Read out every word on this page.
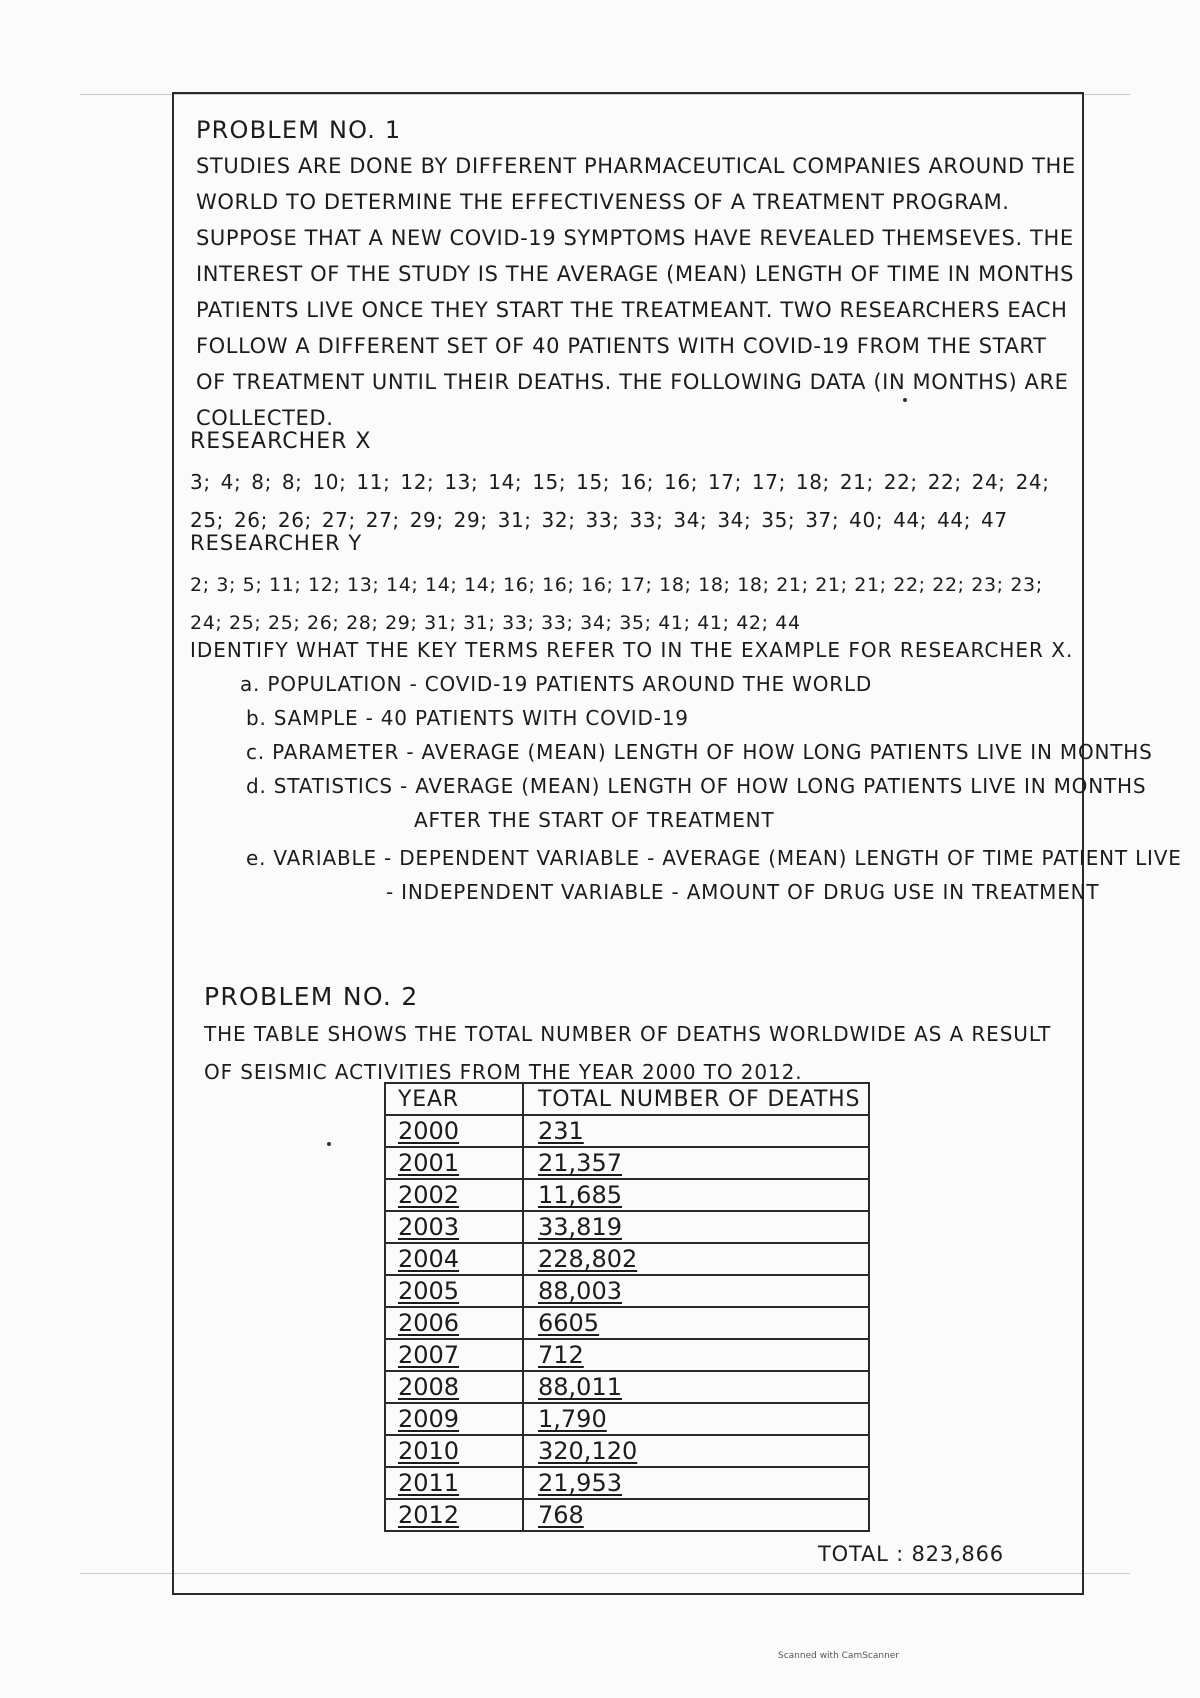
PROBLEM NO. 1
STUDIES ARE DONE BY DIFFERENT PHARMACEUTICAL COMPANIES AROUND THE WORLD TO DETERMINE THE EFFECTIVENESS OF A TREATMENT PROGRAM. SUPPOSE THAT A NEW COVID-19 SYMPTOMS HAVE REVEALED THEMSEVES. THE INTEREST OF THE STUDY IS THE AVERAGE (MEAN) LENGTH OF TIME IN MONTHS PATIENTS LIVE ONCE THEY START THE TREATMEANT. TWO RESEARCHERS EACH FOLLOW A DIFFERENT SET OF 40 PATIENTS WITH COVID-19 FROM THE START OF TREATMENT UNTIL THEIR DEATHS. THE FOLLOWING DATA (IN MONTHS) ARE COLLECTED.
RESEARCHER X
3; 4; 8; 8; 10; 11; 12; 13; 14; 15; 15; 16; 16; 17; 17; 18; 21; 22; 22; 24; 24; 25; 26; 26; 27; 27; 29; 29; 31; 32; 33; 33; 34; 34; 35; 37; 40; 44; 44; 47
RESEARCHER Y
2; 3; 5; 11; 12; 13; 14; 14; 14; 16; 16; 16; 17; 18; 18; 18; 21; 21; 21; 22; 22; 23; 23; 24; 25; 25; 26; 28; 29; 31; 31; 33; 33; 34; 35; 41; 41; 42; 44
IDENTIFY WHAT THE KEY TERMS REFER TO IN THE EXAMPLE FOR RESEARCHER X.
a. POPULATION - COVID-19 PATIENTS AROUND THE WORLD
b. SAMPLE - 40 PATIENTS WITH COVID-19
c. PARAMETER - AVERAGE (MEAN) LENGTH OF HOW LONG PATIENTS LIVE IN MONTHS
d. STATISTICS - AVERAGE (MEAN) LENGTH OF HOW LONG PATIENTS LIVE IN MONTHS
AFTER THE START OF TREATMENT
e. VARIABLE - DEPENDENT VARIABLE - AVERAGE (MEAN) LENGTH OF TIME PATIENT LIVE
- INDEPENDENT VARIABLE - AMOUNT OF DRUG USE IN TREATMENT
PROBLEM NO. 2
THE TABLE SHOWS THE TOTAL NUMBER OF DEATHS WORLDWIDE AS A RESULT OF SEISMIC ACTIVITIES FROM THE YEAR 2000 TO 2012.
YEAR	TOTAL NUMBER OF DEATHS
2000	231
2001	21,357
2002	11,685
2003	33,819
2004	228,802
2005	88,003
2006	6605
2007	712
2008	88,011
2009	1,790
2010	320,120
2011	21,953
2012	768
TOTAL : 823,866
Scanned with CamScanner
